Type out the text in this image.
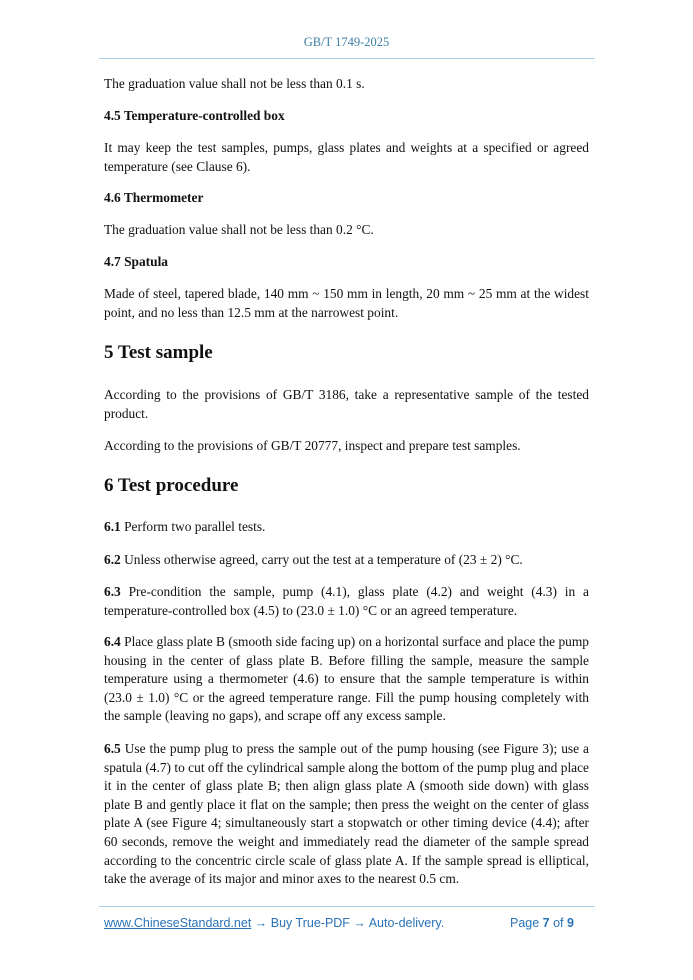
GB/T 1749-2025
The graduation value shall not be less than 0.1 s.
4.5 Temperature-controlled box
It may keep the test samples, pumps, glass plates and weights at a specified or agreed temperature (see Clause 6).
4.6 Thermometer
The graduation value shall not be less than 0.2 °C.
4.7 Spatula
Made of steel, tapered blade, 140 mm ~ 150 mm in length, 20 mm ~ 25 mm at the widest point, and no less than 12.5 mm at the narrowest point.
5 Test sample
According to the provisions of GB/T 3186, take a representative sample of the tested product.
According to the provisions of GB/T 20777, inspect and prepare test samples.
6 Test procedure
6.1 Perform two parallel tests.
6.2 Unless otherwise agreed, carry out the test at a temperature of (23 ± 2) °C.
6.3 Pre-condition the sample, pump (4.1), glass plate (4.2) and weight (4.3) in a temperature-controlled box (4.5) to (23.0 ± 1.0) °C or an agreed temperature.
6.4 Place glass plate B (smooth side facing up) on a horizontal surface and place the pump housing in the center of glass plate B. Before filling the sample, measure the sample temperature using a thermometer (4.6) to ensure that the sample temperature is within (23.0 ± 1.0) °C or the agreed temperature range. Fill the pump housing completely with the sample (leaving no gaps), and scrape off any excess sample.
6.5 Use the pump plug to press the sample out of the pump housing (see Figure 3); use a spatula (4.7) to cut off the cylindrical sample along the bottom of the pump plug and place it in the center of glass plate B; then align glass plate A (smooth side down) with glass plate B and gently place it flat on the sample; then press the weight on the center of glass plate A (see Figure 4; simultaneously start a stopwatch or other timing device (4.4); after 60 seconds, remove the weight and immediately read the diameter of the sample spread according to the concentric circle scale of glass plate A. If the sample spread is elliptical, take the average of its major and minor axes to the nearest 0.5 cm.
www.ChineseStandard.net → Buy True-PDF → Auto-delivery.	Page 7 of 9
